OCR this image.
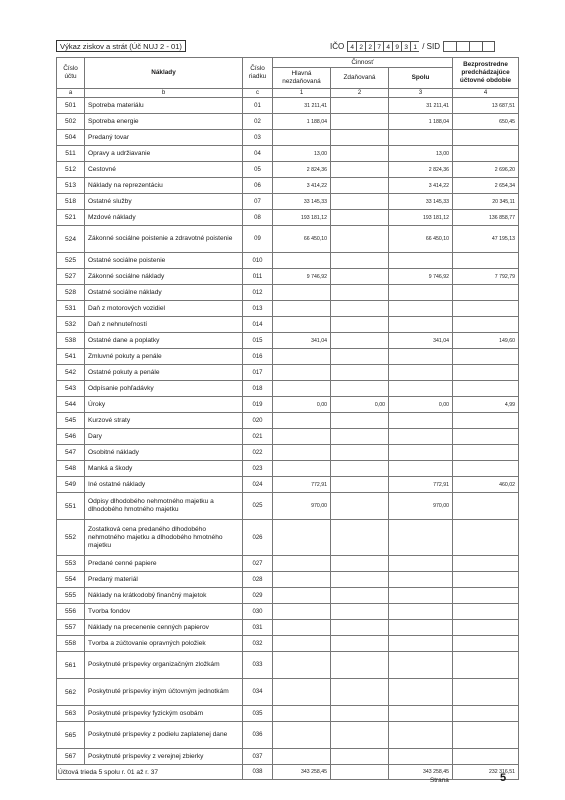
Výkaz ziskov a strát (Úč NUJ 2 - 01)	IČO 4 2 2 7 4 9 3 1 / SID
Číslo účtu	Náklady	Číslo riadku	Činnosť			Bezprostredne predchádzajúce účtovné obdobie
			Hlavná nezdaňovaná	Zdaňovaná	Spolu	
a	b	c	1	2	3	4
501	Spotreba materiálu	01	31 211,41		31 211,41	13 687,51
502	Spotreba energie	02	1 188,04		1 188,04	650,45
504	Predaný tovar	03				
511	Opravy a udržiavanie	04	13,00		13,00	
512	Cestovné	05	2 824,36		2 824,36	2 696,20
513	Náklady na reprezentáciu	06	3 414,22		3 414,22	2 654,34
518	Ostatné služby	07	33 145,33		33 145,33	20 345,11
521	Mzdové náklady	08	193 181,12		193 181,12	136 858,77
524	Zákonné sociálne poistenie a zdravotné poistenie	09	66 450,10		66 450,10	47 195,13
525	Ostatné sociálne poistenie	010				
527	Zákonné sociálne náklady	011	9 746,92		9 746,92	7 792,79
528	Ostatné sociálne náklady	012				
531	Daň z motorových vozidiel	013				
532	Daň z nehnuteľností	014				
538	Ostatné dane a poplatky	015	341,04		341,04	149,60
541	Zmluvné pokuty a penále	016				
542	Ostatné pokuty a penále	017				
543	Odpísanie pohľadávky	018				
544	Úroky	019	0,00	0,00	0,00	4,99
545	Kurzové straty	020				
546	Dary	021				
547	Osobitné náklady	022				
548	Manká a škody	023				
549	Iné ostatné náklady	024	772,91		772,91	460,02
551	Odpisy dlhodobého nehmotného majetku a dlhodobého hmotného majetku	025	970,00		970,00	
552	Zostatková cena predaného dlhodobého nehmotného majetku a dlhodobého hmotného majetku	026				
553	Predané cenné papiere	027				
554	Predaný materiál	028				
555	Náklady na krátkodobý finančný majetok	029				
556	Tvorba fondov	030				
557	Náklady na precenenie cenných papierov	031				
558	Tvorba a zúčtovanie opravných položiek	032				
561	Poskytnuté príspevky organizačným zložkám	033				
562	Poskytnuté príspevky iným účtovným jednotkám	034				
563	Poskytnuté príspevky fyzickým osobám	035				
565	Poskytnuté príspevky z podielu zaplatenej dane	036				
567	Poskytnuté príspevky z verejnej zbierky	037				
Účtová trieda 5 spolu r. 01 až r. 37		038	343 258,45		343 258,45	232 316,51
Strana	5
